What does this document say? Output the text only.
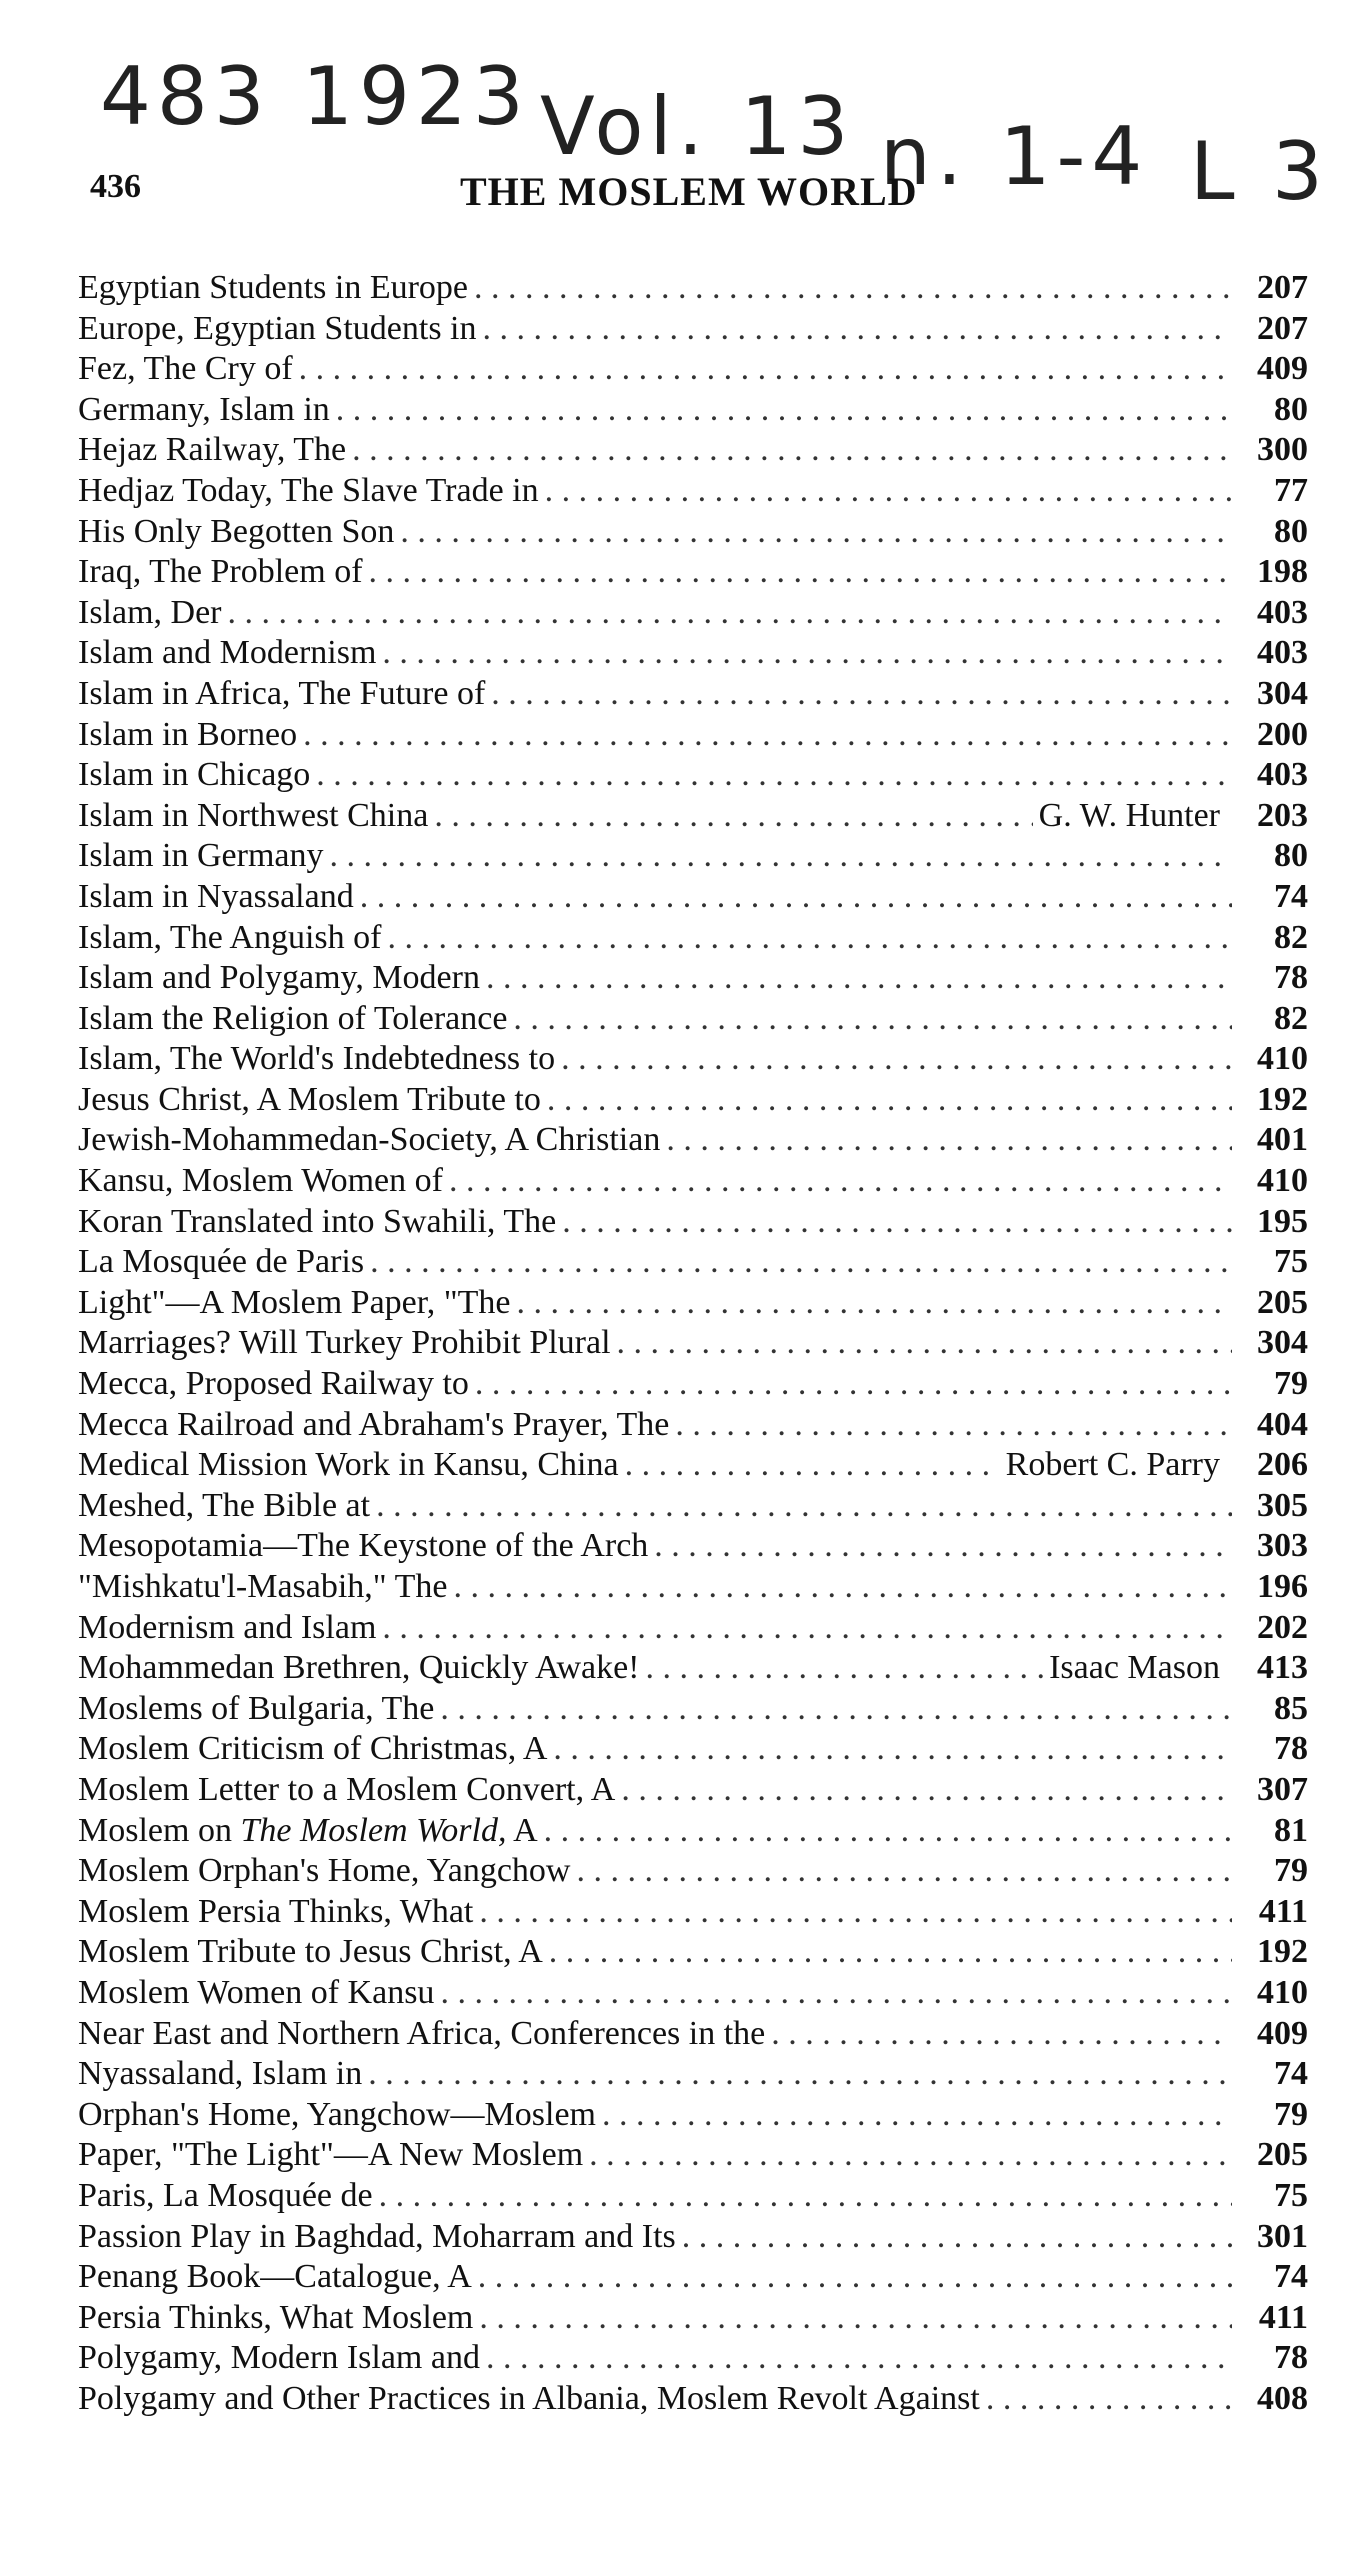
483 1923 Vol. 13 n. 1-4 L 3
436	THE MOSLEM WORLD
Egyptian Students in Europe . . .	207
Europe, Egyptian Students in . . .	207
Fez, The Cry of . . .	409
Germany, Islam in . . .	80
Hejaz Railway, The . . .	300
Hedjaz Today, The Slave Trade in . . .	77
His Only Begotten Son . . .	80
Iraq, The Problem of . . .	198
Islam, Der . . .	403
Islam and Modernism . . .	403
Islam in Africa, The Future of . . .	304
Islam in Borneo . . .	200
Islam in Chicago . . .	403
Islam in Northwest China . . .	G. W. Hunter	203
Islam in Germany . . .	80
Islam in Nyassaland . . .	74
Islam, The Anguish of . . .	82
Islam and Polygamy, Modern . . .	78
Islam the Religion of Tolerance . . .	82
Islam, The World's Indebtedness to . . .	410
Jesus Christ, A Moslem Tribute to . . .	192
Jewish-Mohammedan-Society, A Christian . . .	401
Kansu, Moslem Women of . . .	410
Koran Translated into Swahili, The . . .	195
La Mosquée de Paris . . .	75
Light"—A Moslem Paper, "The . . .	205
Marriages? Will Turkey Prohibit Plural . . .	304
Mecca, Proposed Railway to . . .	79
Mecca Railroad and Abraham's Prayer, The . . .	404
Medical Mission Work in Kansu, China . . .	Robert C. Parry	206
Meshed, The Bible at . . .	305
Mesopotamia—The Keystone of the Arch . . .	303
"Mishkatu'l-Masabih," The . . .	196
Modernism and Islam . . .	202
Mohammedan Brethren, Quickly Awake! . . .	Isaac Mason	413
Moslems of Bulgaria, The . . .	85
Moslem Criticism of Christmas, A . . .	78
Moslem Letter to a Moslem Convert, A . . .	307
Moslem on The Moslem World, A . . .	81
Moslem Orphan's Home, Yangchow . . .	79
Moslem Persia Thinks, What . . .	411
Moslem Tribute to Jesus Christ, A . . .	192
Moslem Women of Kansu . . .	410
Near East and Northern Africa, Conferences in the . . .	409
Nyassaland, Islam in . . .	74
Orphan's Home, Yangchow—Moslem . . .	79
Paper, "The Light"—A New Moslem . . .	205
Paris, La Mosquée de . . .	75
Passion Play in Baghdad, Moharram and Its . . .	301
Penang Book—Catalogue, A . . .	74
Persia Thinks, What Moslem . . .	411
Polygamy, Modern Islam and . . .	78
Polygamy and Other Practices in Albania, Moslem Revolt Against . . .	408
